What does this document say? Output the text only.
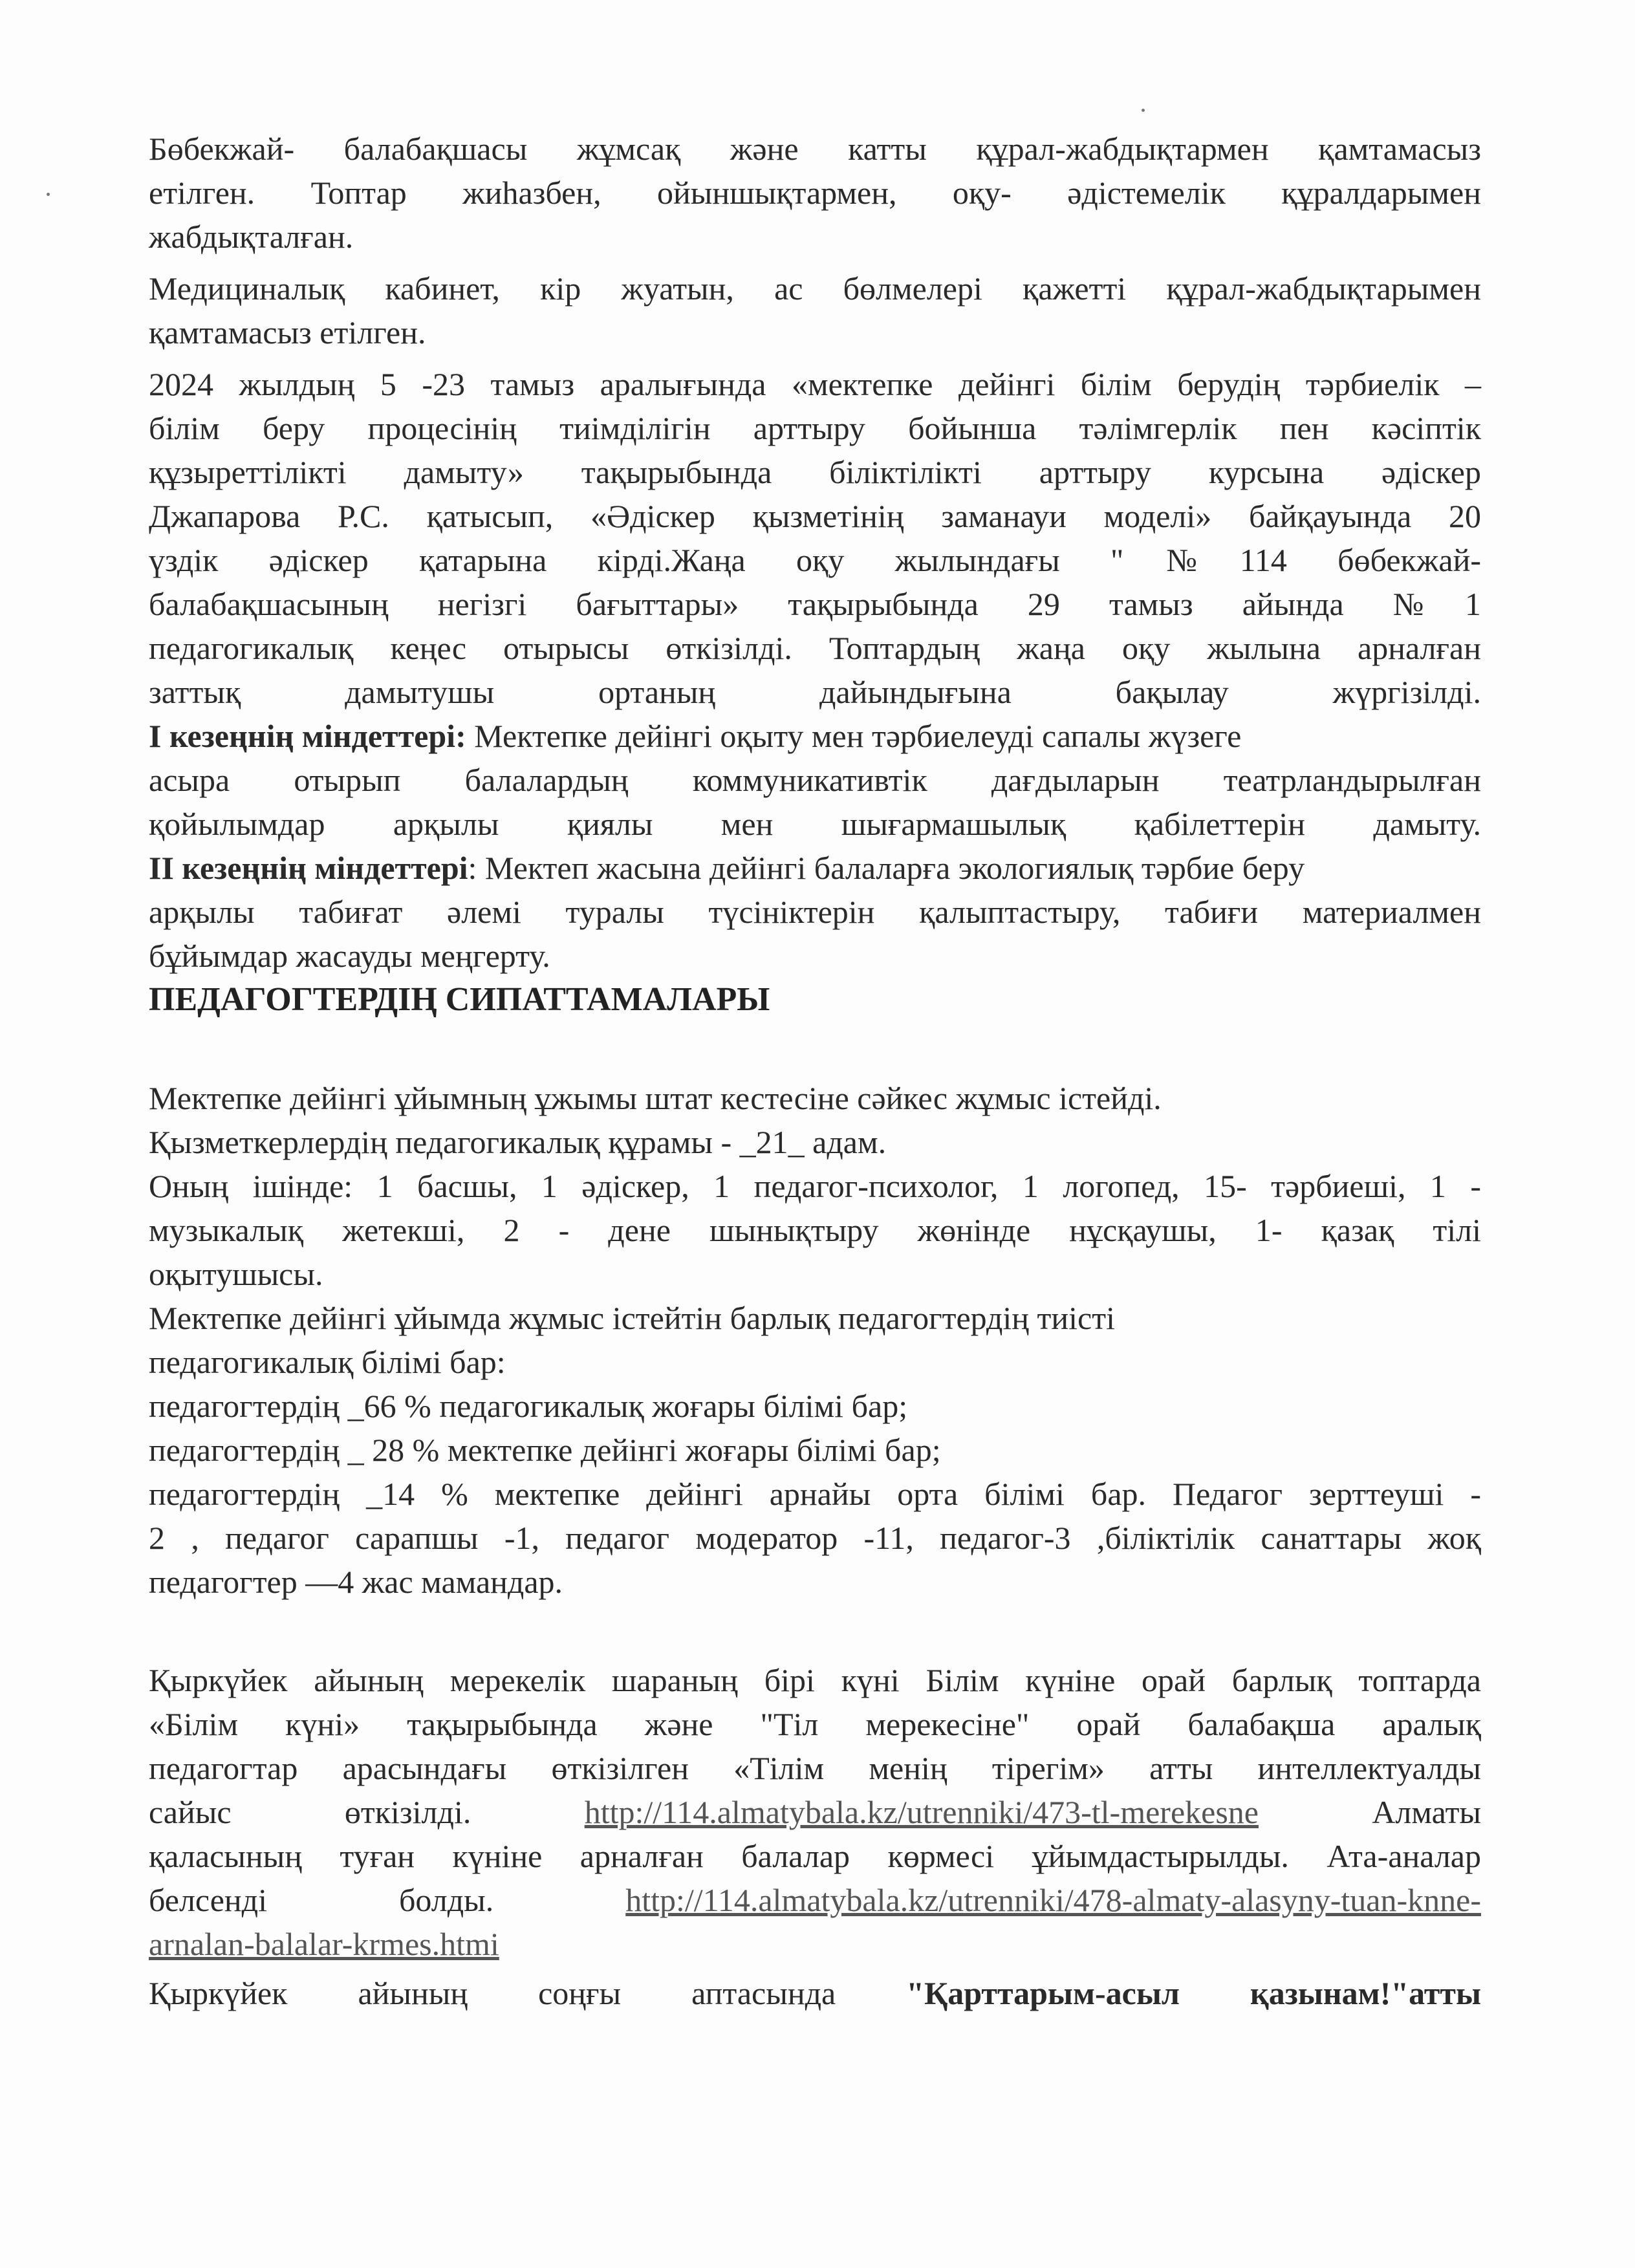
Бөбекжай- балабақшасы жұмсақ және катты құрал-жабдықтармен қамтамасыз
етілген. Топтар жиһазбен, ойыншықтармен, оқу- әдістемелік құралдарымен
жабдықталған.
Медициналық кабинет, кір жуатын, ас бөлмелері қажетті құрал-жабдықтарымен
қамтамасыз етілген.
2024 жылдың 5 -23 тамыз аралығында «мектепке дейінгі білім берудің тәрбиелік –
білім беру процесінің тиімділігін арттыру бойынша тәлімгерлік пен кәсіптік
құзыреттілікті дамыту» тақырыбында біліктілікті арттыру курсына әдіскер
Джапарова Р.С. қатысып, «Әдіскер қызметінің заманауи моделі» байқауында 20
үздік әдіскер қатарына кірді.Жаңа оқу жылындағы "№114 бөбекжай-
балабақшасының негізгі бағыттары» тақырыбында 29 тамыз айында №1
педагогикалық кеңес отырысы өткізілді. Топтардың жаңа оқу жылына арналған
заттық дамытушы ортаның дайындығына бақылау жүргізілді.
I кезеңнің міндеттері: Мектепке дейінгі оқыту мен тәрбиелеуді сапалы жүзеге
асыра отырып балалардың коммуникативтік дағдыларын театрландырылған
қойылымдар арқылы қиялы мен шығармашылық қабілеттерін дамыту.
II кезеңнің міндеттері: Мектеп жасына дейінгі балаларға экологиялық тәрбие беру
арқылы табиғат әлемі туралы түсініктерін қалыптастыру, табиғи материалмен
бұйымдар жасауды меңгерту.
ПЕДАГОГТЕРДІҢ СИПАТТАМАЛАРЫ
Мектепке дейінгі ұйымның ұжымы штат кестесіне сәйкес жұмыс істейді.
Қызметкерлердің педагогикалық құрамы - _21_ адам.
Оның ішінде: 1 басшы, 1 әдіскер, 1 педагог-психолог, 1 логопед, 15- тәрбиеші, 1 -
музыкалық жетекші, 2 - дене шынықтыру жөнінде нұсқаушы, 1- қазақ тілі
оқытушысы.
Мектепке дейінгі ұйымда жұмыс істейтін барлық педагогтердің тиісті
педагогикалық білімі бар:
педагогтердің _66 % педагогикалық жоғары білімі бар;
педагогтердің _ 28 % мектепке дейінгі жоғары білімі бар;
педагогтердің _14 % мектепке дейінгі арнайы орта білімі бар. Педагог зерттеуші -
2 , педагог сарапшы -1, педагог модератор -11, педагог-3 ,біліктілік санаттары жоқ
педагогтер —4 жас мамандар.
Қыркүйек айының мерекелік шараның бірі күні Білім күніне орай барлық топтарда
«Білім күні» тақырыбында және "Тіл мерекесіне" орай балабақша аралық
педагогтар арасындағы өткізілген «Тілім менің тірегім» атты интеллектуалды
сайыс өткізілді.	http://114.almatybala.kz/utrenniki/473-tl-merekesne	Алматы
қаласының туған күніне арналған балалар көрмесі ұйымдастырылды. Ата-аналар
белсенді болды.	http://114.almatybala.kz/utrenniki/478-almaty-alasyny-tuan-knne-
arnalan-balalar-krmes.htmi
Қыркүйек айының соңғы аптасында "Қарттарым-асыл қазынам!"атты
